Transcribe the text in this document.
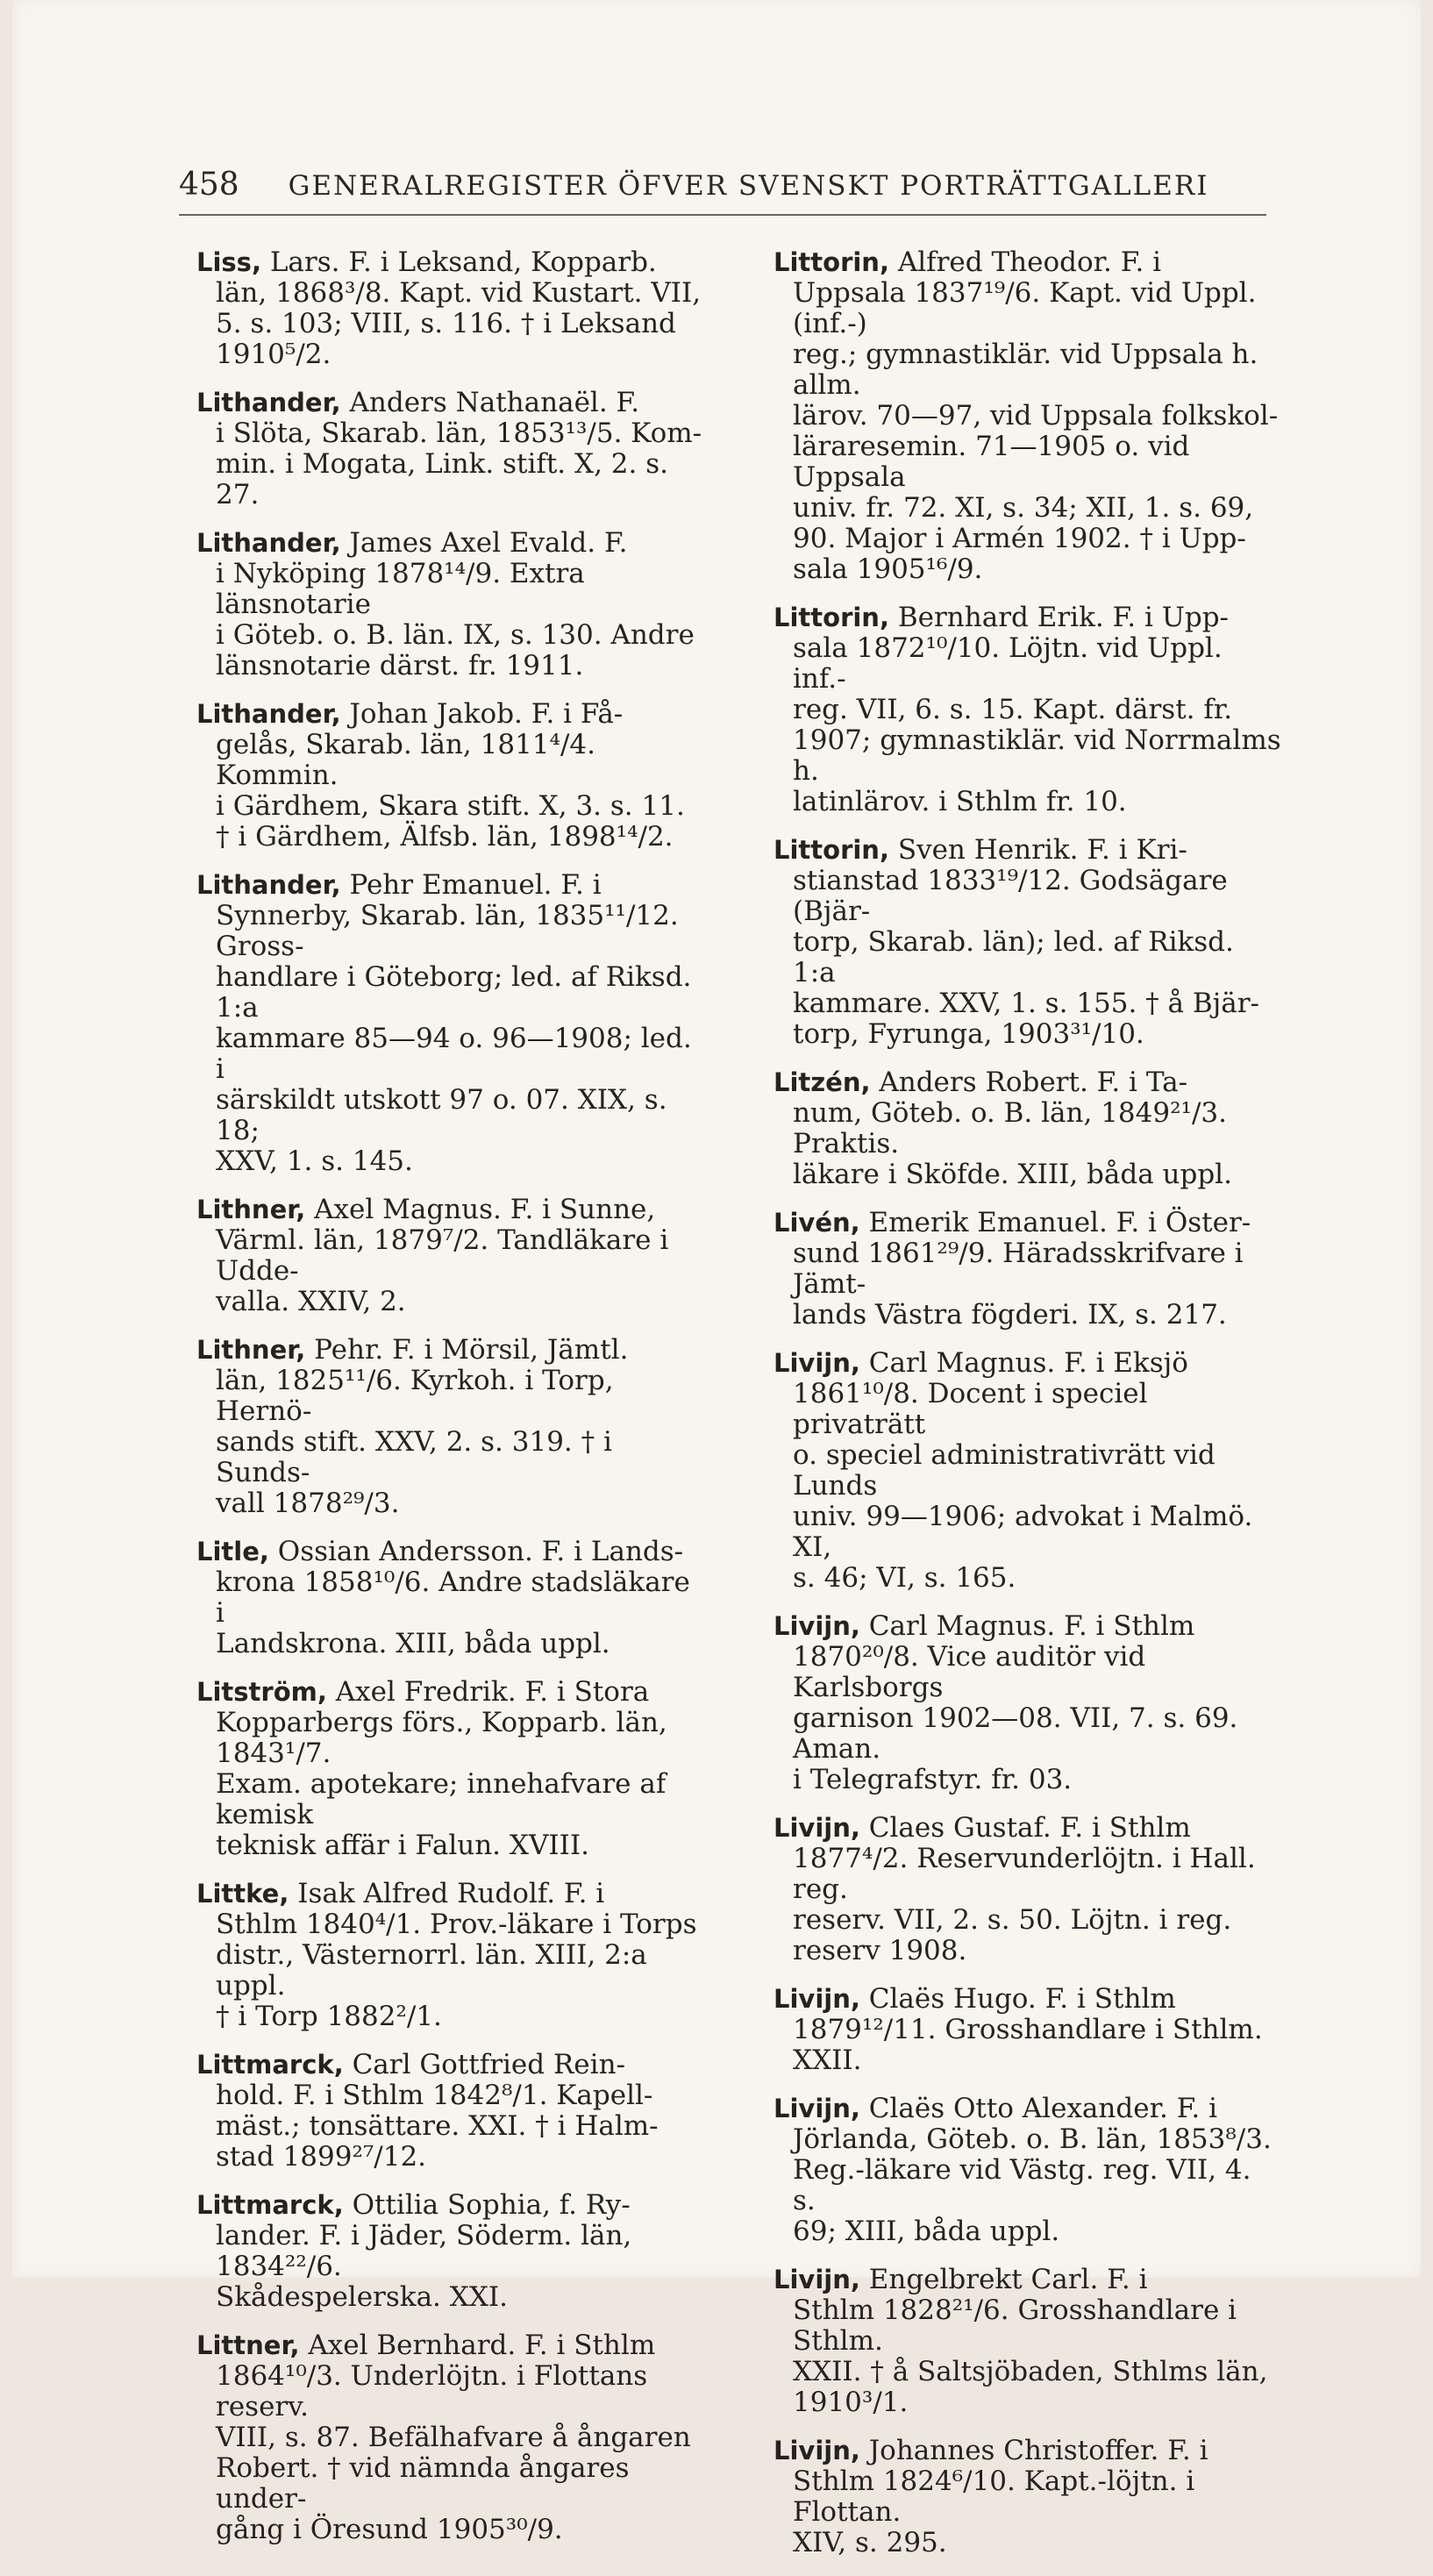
458 GENERALREGISTER ÖFVER SVENSKT PORTRÄTTGALLERI

Liss, Lars. F. i Leksand, Kopparb.
län, 1868³/8. Kapt. vid Kustart. VII,
5. s. 103; VIII, s. 116. † i Leksand
1910⁵/2.

Lithander, Anders Nathanaël. F.
i Slöta, Skarab. län, 1853¹³/5. Kom-
min. i Mogata, Link. stift. X, 2. s. 27.

Lithander, James Axel Evald. F.
i Nyköping 1878¹⁴/9. Extra länsnotarie
i Göteb. o. B. län. IX, s. 130. Andre
länsnotarie därst. fr. 1911.

Lithander, Johan Jakob. F. i Få-
gelås, Skarab. län, 1811⁴/4. Kommin.
i Gärdhem, Skara stift. X, 3. s. 11.
† i Gärdhem, Älfsb. län, 1898¹⁴/2.

Lithander, Pehr Emanuel. F. i
Synnerby, Skarab. län, 1835¹¹/12. Gross-
handlare i Göteborg; led. af Riksd. 1:a
kammare 85—94 o. 96—1908; led. i
särskildt utskott 97 o. 07. XIX, s. 18;
XXV, 1. s. 145.

Lithner, Axel Magnus. F. i Sunne,
Värml. län, 1879⁷/2. Tandläkare i Udde-
valla. XXIV, 2.

Lithner, Pehr. F. i Mörsil, Jämtl.
län, 1825¹¹/6. Kyrkoh. i Torp, Hernö-
sands stift. XXV, 2. s. 319. † i Sunds-
vall 1878²⁹/3.

Litle, Ossian Andersson. F. i Lands-
krona 1858¹⁰/6. Andre stadsläkare i
Landskrona. XIII, båda uppl.

Litström, Axel Fredrik. F. i Stora
Kopparbergs förs., Kopparb. län, 1843¹/7.
Exam. apotekare; innehafvare af kemisk
teknisk affär i Falun. XVIII.

Littke, Isak Alfred Rudolf. F. i
Sthlm 1840⁴/1. Prov.-läkare i Torps
distr., Västernorrl. län. XIII, 2:a uppl.
† i Torp 1882²/1.

Littmarck, Carl Gottfried Rein-
hold. F. i Sthlm 1842⁸/1. Kapell-
mäst.; tonsättare. XXI. † i Halm-
stad 1899²⁷/12.

Littmarck, Ottilia Sophia, f. Ry-
lander. F. i Jäder, Söderm. län, 1834²²/6.
Skådespelerska. XXI.

Littner, Axel Bernhard. F. i Sthlm
1864¹⁰/3. Underlöjtn. i Flottans reserv.
VIII, s. 87. Befälhafvare å ångaren
Robert. † vid nämnda ångares under-
gång i Öresund 1905³⁰/9.

Littorin, Alfred Theodor. F. i
Uppsala 1837¹⁹/6. Kapt. vid Uppl. (inf.-)
reg.; gymnastiklär. vid Uppsala h. allm.
lärov. 70—97, vid Uppsala folkskol-
läraresemin. 71—1905 o. vid Uppsala
univ. fr. 72. XI, s. 34; XII, 1. s. 69,
90. Major i Armén 1902. † i Upp-
sala 1905¹⁶/9.

Littorin, Bernhard Erik. F. i Upp-
sala 1872¹⁰/10. Löjtn. vid Uppl. inf.-
reg. VII, 6. s. 15. Kapt. därst. fr.
1907; gymnastiklär. vid Norrmalms h.
latinlärov. i Sthlm fr. 10.

Littorin, Sven Henrik. F. i Kri-
stianstad 1833¹⁹/12. Godsägare (Bjär-
torp, Skarab. län); led. af Riksd. 1:a
kammare. XXV, 1. s. 155. † å Bjär-
torp, Fyrunga, 1903³¹/10.

Litzén, Anders Robert. F. i Ta-
num, Göteb. o. B. län, 1849²¹/3. Praktis.
läkare i Sköfde. XIII, båda uppl.

Livén, Emerik Emanuel. F. i Öster-
sund 1861²⁹/9. Häradsskrifvare i Jämt-
lands Västra fögderi. IX, s. 217.

Livijn, Carl Magnus. F. i Eksjö
1861¹⁰/8. Docent i speciel privaträtt
o. speciel administrativrätt vid Lunds
univ. 99—1906; advokat i Malmö. XI,
s. 46; VI, s. 165.

Livijn, Carl Magnus. F. i Sthlm
1870²⁰/8. Vice auditör vid Karlsborgs
garnison 1902—08. VII, 7. s. 69. Aman.
i Telegrafstyr. fr. 03.

Livijn, Claes Gustaf. F. i Sthlm
1877⁴/2. Reservunderlöjtn. i Hall. reg.
reserv. VII, 2. s. 50. Löjtn. i reg.
reserv 1908.

Livijn, Claës Hugo. F. i Sthlm
1879¹²/11. Grosshandlare i Sthlm. XXII.

Livijn, Claës Otto Alexander. F. i
Jörlanda, Göteb. o. B. län, 1853⁸/3.
Reg.-läkare vid Västg. reg. VII, 4. s.
69; XIII, båda uppl.

Livijn, Engelbrekt Carl. F. i
Sthlm 1828²¹/6. Grosshandlare i Sthlm.
XXII. † å Saltsjöbaden, Sthlms län,
1910³/1.

Livijn, Johannes Christoffer. F. i
Sthlm 1824⁶/10. Kapt.-löjtn. i Flottan.
XIV, s. 295.
